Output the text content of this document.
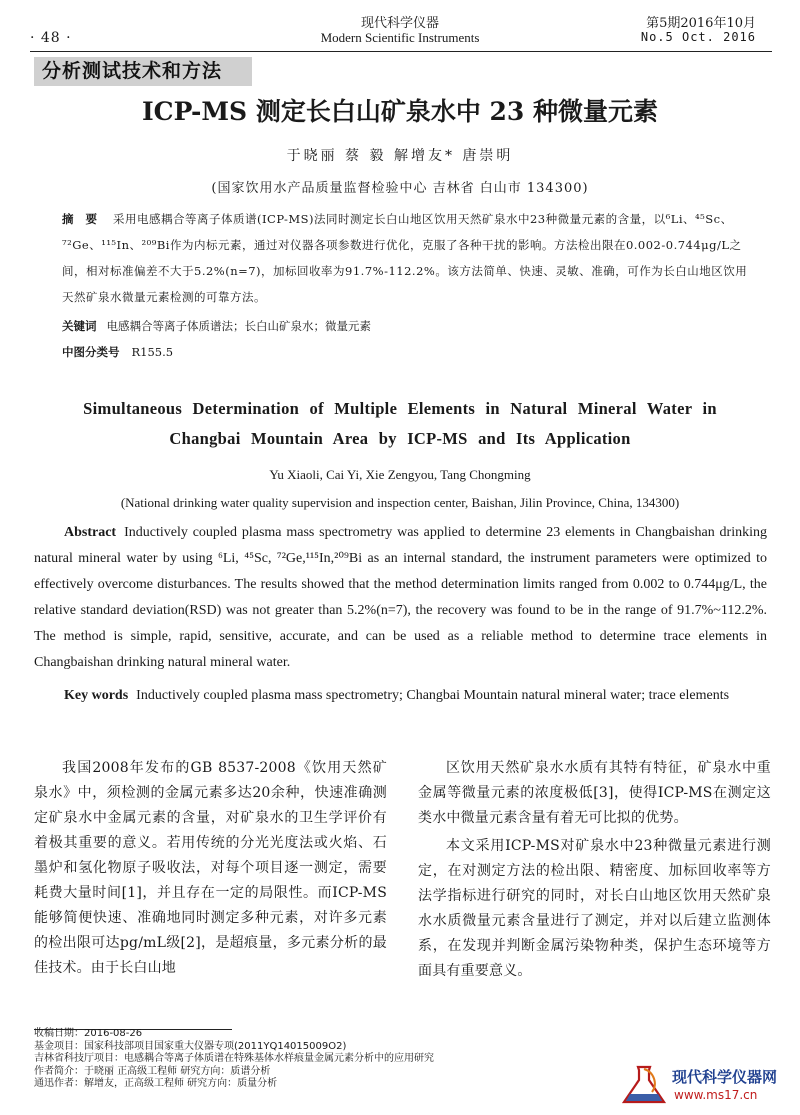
· 48 ·
现代科学仪器
Modern Scientific Instruments
第5期2016年10月
No.5 Oct. 2016
分析测试技术和方法
ICP-MS 测定长白山矿泉水中 23 种微量元素
于晓丽 蔡 毅 解增友* 唐崇明
(国家饮用水产品质量监督检验中心 吉林省 白山市 134300)
摘 要 采用电感耦合等离子体质谱(ICP-MS)法同时测定长白山地区饮用天然矿泉水中23种微量元素的含量，以⁶Li、⁴⁵Sc、⁷²Ge、¹¹⁵In、²⁰⁹Bi作为内标元素，通过对仪器各项参数进行优化，克服了各种干扰的影响。方法检出限在0.002-0.744μg/L之间，相对标准偏差不大于5.2%(n=7)，加标回收率为91.7%-112.2%。该方法简单、快速、灵敏、准确，可作为长白山地区饮用天然矿泉水微量元素检测的可靠方法。
关键词 电感耦合等离子体质谱法；长白山矿泉水；微量元素
中图分类号 R155.5
Simultaneous Determination of Multiple Elements in Natural Mineral Water in
Changbai Mountain Area by ICP-MS and Its Application
Yu Xiaoli, Cai Yi, Xie Zengyou, Tang Chongming
(National drinking water quality supervision and inspection center, Baishan, Jilin Province, China, 134300)
Abstract Inductively coupled plasma mass spectrometry was applied to determine 23 elements in Changbaishan drinking natural mineral water by using ⁶Li, ⁴⁵Sc, ⁷²Ge,¹¹⁵In,²⁰⁹Bi as an internal standard, the instrument parameters were optimized to effectively overcome disturbances. The results showed that the method determination limits ranged from 0.002 to 0.744μg/L, the relative standard deviation(RSD) was not greater than 5.2%(n=7), the recovery was found to be in the range of 91.7%~112.2%. The method is simple, rapid, sensitive, accurate, and can be used as a reliable method to determine trace elements in Changbaishan drinking natural mineral water.
Key words Inductively coupled plasma mass spectrometry; Changbai Mountain natural mineral water; trace elements

我国2008年发布的GB 8537-2008《饮用天然矿泉水》中，须检测的金属元素多达20余种，快速准确测定矿泉水中金属元素的含量，对矿泉水的卫生学评价有着极其重要的意义。若用传统的分光光度法或火焰、石墨炉和氢化物原子吸收法，对每个项目逐一测定，需要耗费大量时间[1]，并且存在一定的局限性。而ICP-MS能够简便快速、准确地同时测定多种元素，对许多元素的检出限可达pg/mL级[2]，是超痕量，多元素分析的最佳技术。由于长白山地

区饮用天然矿泉水水质有其特有特征，矿泉水中重金属等微量元素的浓度极低[3]，使得ICP-MS在测定这类水中微量元素含量有着无可比拟的优势。

本文采用ICP-MS对矿泉水中23种微量元素进行测定，在对测定方法的检出限、精密度、加标回收率等方法学指标进行研究的同时，对长白山地区饮用天然矿泉水水质微量元素含量进行了测定，并对以后建立监测体系，在发现并判断金属污染物种类，保护生态环境等方面具有重要意义。

收稿日期：2016-08-26
基金项目：国家科技部项目国家重大仪器专项(2011YQ14015009O2)
吉林省科技厅项目：电感耦合等离子体质谱在特殊基体水样痕量金属元素分析中的应用研究
作者简介：于晓丽 正高级工程师 研究方向：质谱分析
通迅作者：解增友，正高级工程师 研究方向：质量分析	现代科学仪器网
www.ms17.cn
